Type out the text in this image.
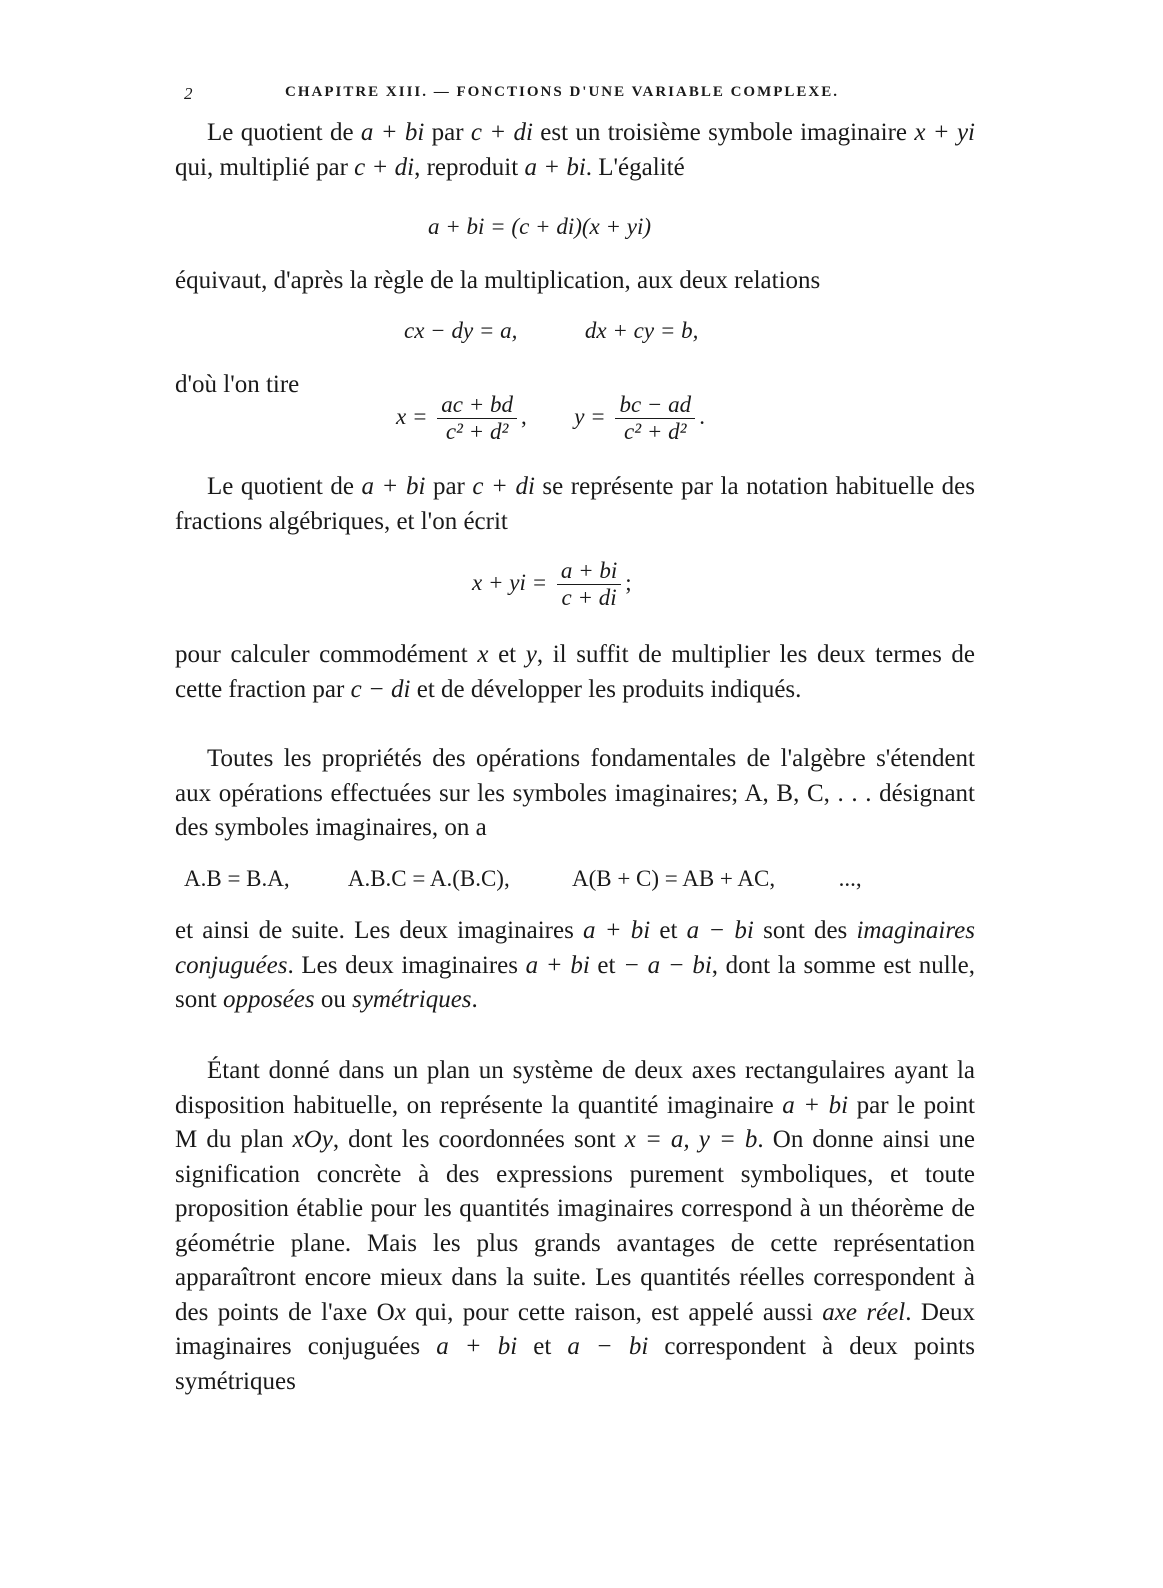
2	CHAPITRE XIII. — FONCTIONS D'UNE VARIABLE COMPLEXE.
Le quotient de a + bi par c + di est un troisième symbole imaginaire x + yi qui, multiplié par c + di, reproduit a + bi. L'égalité
a + bi = (c + di)(x + yi)
équivaut, d'après la règle de la multiplication, aux deux relations
cx − dy = a,	dx + cy = b,
d'où l'on tire
$x = \frac{ac + bd}{\text{c² + d²}}$ , $y = \frac{bc - ad}{\text{c² + d²}}$ .
Le quotient de a + bi par c + di se représente par la notation habituelle des fractions algébriques, et l'on écrit
x + yi = $\frac{a + bi}{c + di}$ ;
pour calculer commodément x et y, il suffit de multiplier les deux termes de cette fraction par c − di et de développer les produits indiqués.
Toutes les propriétés des opérations fondamentales de l'algèbre s'étendent aux opérations effectuées sur les symboles imaginaires; A, B, C, . . . désignant des symboles imaginaires, on a
A.B = B.A,	A.B.C = A.(B.C),	A(B + C) = AB + AC,	...,
et ainsi de suite. Les deux imaginaires a + bi et a − bi sont des imaginaires conjuguées. Les deux imaginaires a + bi et − a − bi, dont la somme est nulle, sont opposées ou symétriques.
Étant donné dans un plan un système de deux axes rectangulaires ayant la disposition habituelle, on représente la quantité imaginaire a + bi par le point M du plan xOy, dont les coordonnées sont x = a, y = b. On donne ainsi une signification concrète à des expressions purement symboliques, et toute proposition établie pour les quantités imaginaires correspond à un théorème de géométrie plane. Mais les plus grands avantages de cette représentation apparaîtront encore mieux dans la suite. Les quantités réelles correspondent à des points de l'axe Ox qui, pour cette raison, est appelé aussi axe réel. Deux imaginaires conjuguées a + bi et a − bi correspondent à deux points symétriques
